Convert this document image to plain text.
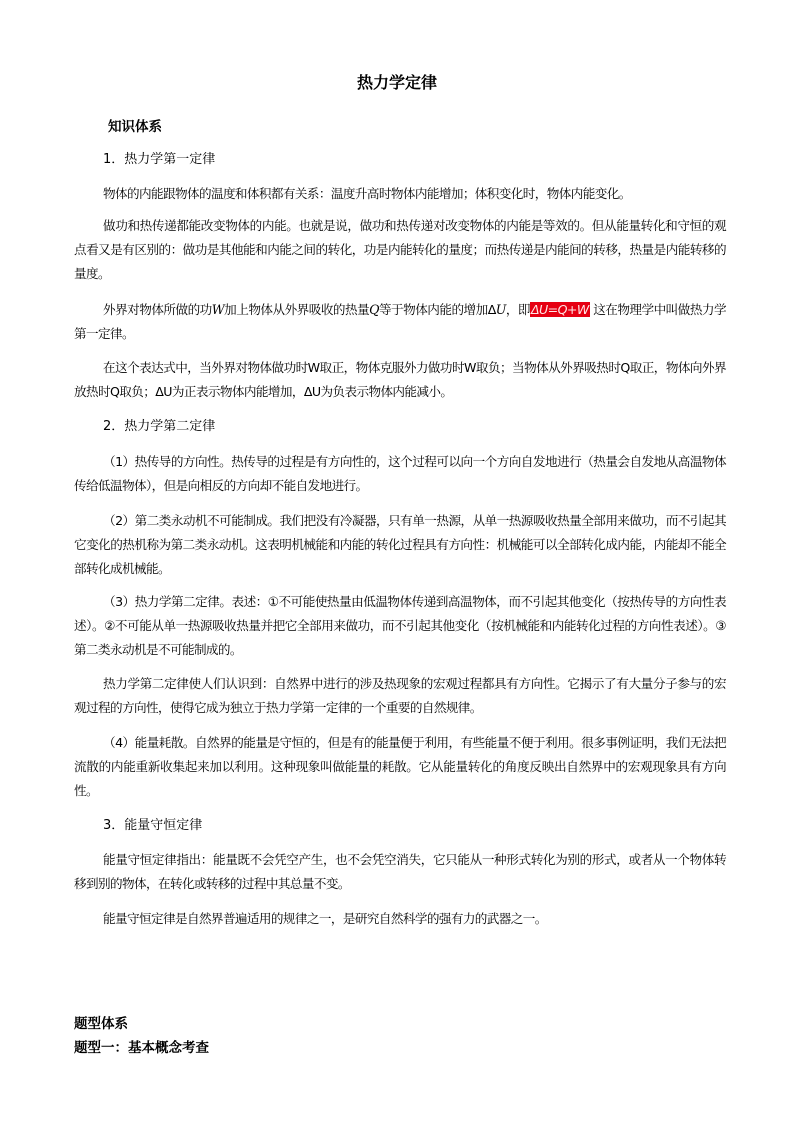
热力学定律
知识体系
1．热力学第一定律
物体的内能跟物体的温度和体积都有关系：温度升高时物体内能增加；体积变化时，物体内能变化。
做功和热传递都能改变物体的内能。也就是说，做功和热传递对改变物体的内能是等效的。但从能量转化和守恒的观点看又是有区别的：做功是其他能和内能之间的转化，功是内能转化的量度；而热传递是内能间的转移，热量是内能转移的量度。
外界对物体所做的功W加上物体从外界吸收的热量Q等于物体内能的增加ΔU，即ΔU=Q+W 这在物理学中叫做热力学第一定律。
在这个表达式中，当外界对物体做功时W取正，物体克服外力做功时W取负；当物体从外界吸热时Q取正，物体向外界放热时Q取负；ΔU为正表示物体内能增加，ΔU为负表示物体内能减小。
2．热力学第二定律
（1）热传导的方向性。热传导的过程是有方向性的，这个过程可以向一个方向自发地进行（热量会自发地从高温物体传给低温物体），但是向相反的方向却不能自发地进行。
（2）第二类永动机不可能制成。我们把没有冷凝器，只有单一热源，从单一热源吸收热量全部用来做功，而不引起其它变化的热机称为第二类永动机。这表明机械能和内能的转化过程具有方向性：机械能可以全部转化成内能，内能却不能全部转化成机械能。
（3）热力学第二定律。表述：①不可能使热量由低温物体传递到高温物体，而不引起其他变化（按热传导的方向性表述）。②不可能从单一热源吸收热量并把它全部用来做功，而不引起其他变化（按机械能和内能转化过程的方向性表述）。③第二类永动机是不可能制成的。
热力学第二定律使人们认识到：自然界中进行的涉及热现象的宏观过程都具有方向性。它揭示了有大量分子参与的宏观过程的方向性，使得它成为独立于热力学第一定律的一个重要的自然规律。
（4）能量耗散。自然界的能量是守恒的，但是有的能量便于利用，有些能量不便于利用。很多事例证明，我们无法把流散的内能重新收集起来加以利用。这种现象叫做能量的耗散。它从能量转化的角度反映出自然界中的宏观现象具有方向性。
3．能量守恒定律
能量守恒定律指出：能量既不会凭空产生，也不会凭空消失，它只能从一种形式转化为别的形式，或者从一个物体转移到别的物体，在转化或转移的过程中其总量不变。
能量守恒定律是自然界普遍适用的规律之一，是研究自然科学的强有力的武器之一。
题型体系
题型一：基本概念考查
